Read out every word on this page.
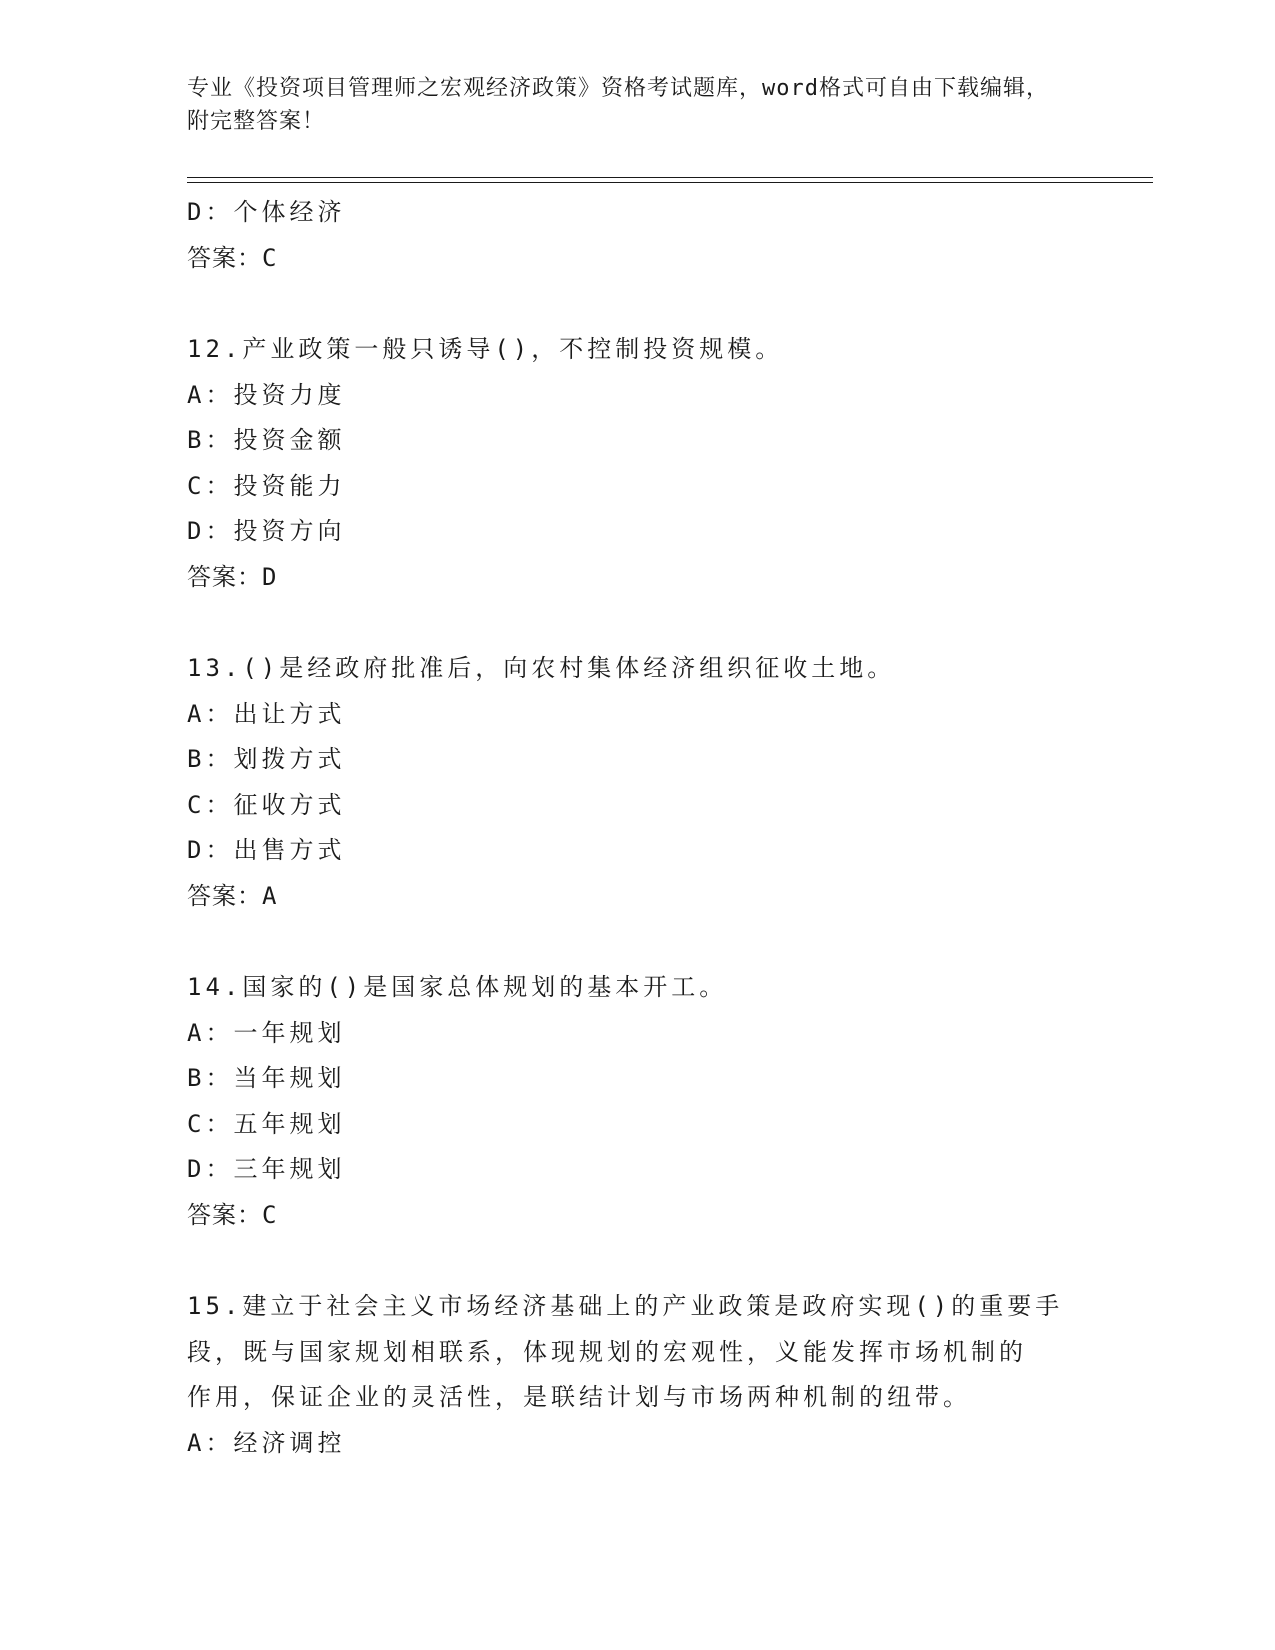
专业《投资项目管理师之宏观经济政策》资格考试题库，word格式可自由下载编辑，附完整答案！
D：个体经济
答案：C
12.产业政策一般只诱导()，不控制投资规模。
A：投资力度
B：投资金额
C：投资能力
D：投资方向
答案：D
13.()是经政府批准后，向农村集体经济组织征收土地。
A：出让方式
B：划拨方式
C：征收方式
D：出售方式
答案：A
14.国家的()是国家总体规划的基本开工。
A：一年规划
B：当年规划
C：五年规划
D：三年规划
答案：C
15.建立于社会主义市场经济基础上的产业政策是政府实现()的重要手
段，既与国家规划相联系，体现规划的宏观性，义能发挥市场机制的
作用，保证企业的灵活性，是联结计划与市场两种机制的纽带。
A：经济调控
